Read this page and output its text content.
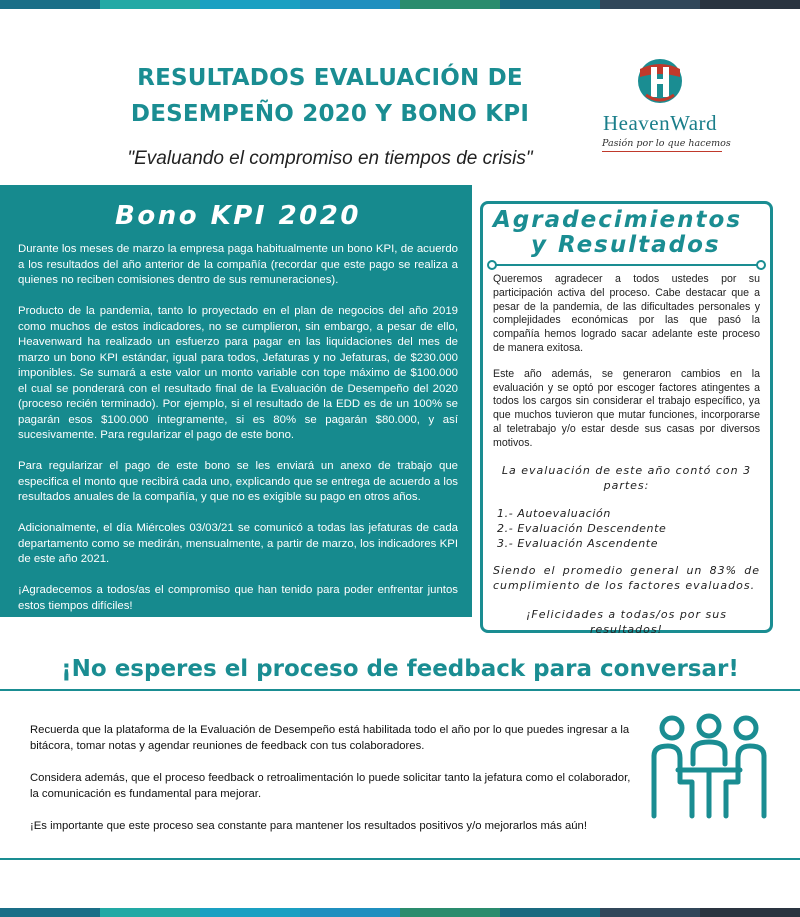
RESULTADOS EVALUACIÓN DE DESEMPEÑO 2020 Y BONO KPI
"Evaluando el compromiso en tiempos de crisis"
HeavenWard
Pasión por lo que hacemos
Bono KPI 2020

Durante los meses de marzo la empresa paga habitualmente un bono KPI, de acuerdo a los resultados del año anterior de la compañía (recordar que este pago se realiza a quienes no reciben comisiones dentro de sus remuneraciones).

Producto de la pandemia, tanto lo proyectado en el plan de negocios del año 2019 como muchos de estos indicadores, no se cumplieron, sin embargo, a pesar de ello, Heavenward ha realizado un esfuerzo para pagar en las liquidaciones del mes de marzo un bono KPI estándar, igual para todos, Jefaturas y no Jefaturas, de $230.000 imponibles. Se sumará a este valor un monto variable con tope máximo de $100.000 el cual se ponderará con el resultado final de la Evaluación de Desempeño del 2020 (proceso recién terminado). Por ejemplo, si el resultado de la EDD es de un 100% se pagarán esos $100.000 íntegramente, si es 80% se pagarán $80.000, y así sucesivamente. Para regularizar el pago de este bono.

Para regularizar el pago de este bono se les enviará un anexo de trabajo que especifica el monto que recibirá cada uno, explicando que se entrega de acuerdo a los resultados anuales de la compañía, y que no es exigible su pago en otros años.

Adicionalmente, el día Miércoles 03/03/21 se comunicó a todas las jefaturas de cada departamento como se medirán, mensualmente, a partir de marzo, los indicadores KPI de este año 2021.

¡Agradecemos a todos/as el compromiso que han tenido para poder enfrentar juntos estos tiempos difíciles!

Agradecimientos
y Resultados

Queremos agradecer a todos ustedes por su participación activa del proceso. Cabe destacar que a pesar de la pandemia, de las dificultades personales y complejidades económicas por las que pasó la compañía hemos logrado sacar adelante este proceso de manera exitosa.

Este año además, se generaron cambios en la evaluación y se optó por escoger factores atingentes a todos los cargos sin considerar el trabajo específico, ya que muchos tuvieron que mutar funciones, incorporarse al teletrabajo y/o estar desde sus casas por diversos motivos.

La evaluación de este año contó con 3 partes:

1.- Autoevaluación
2.- Evaluación Descendente
3.- Evaluación Ascendente

Siendo el promedio general un 83% de cumplimiento de los factores evaluados.

¡Felicidades a todas/os por sus resultados!

¡No esperes el proceso de feedback para conversar!

Recuerda que la plataforma de la Evaluación de Desempeño está habilitada todo el año por lo que puedes ingresar a la bitácora, tomar notas y agendar reuniones de feedback con tus colaboradores.

Considera además, que el proceso feedback o retroalimentación lo puede solicitar tanto la jefatura como el colaborador, la comunicación es fundamental para mejorar.

¡Es importante que este proceso sea constante para mantener los resultados positivos y/o mejorarlos más aún!
